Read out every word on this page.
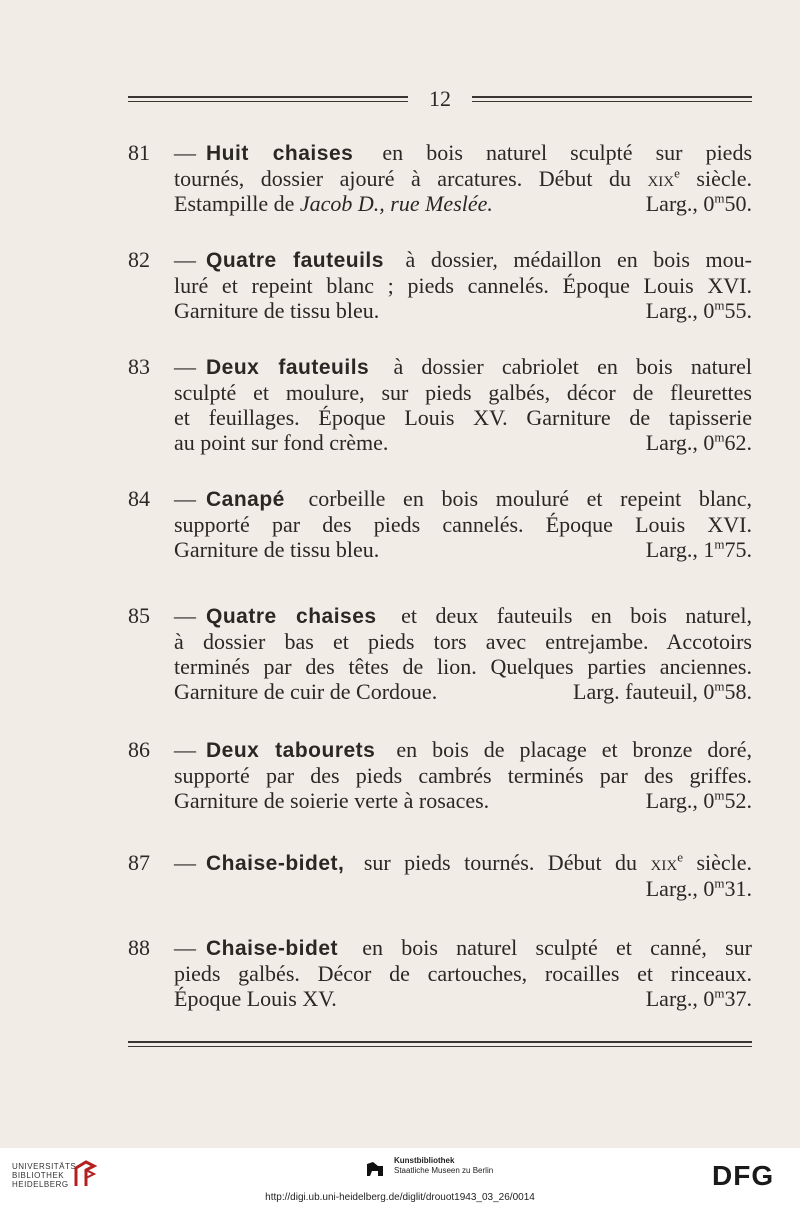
12
81	— Huit chaises en bois naturel sculpté sur pieds
tournés, dossier ajouré à arcatures. Début du xix$^e$ siècle.
Estampille de Jacob D., rue Meslée.	Larg., 0$^m$50.
82	— Quatre fauteuils à dossier, médaillon en bois mou-
luré et repeint blanc ; pieds cannelés. Époque Louis XVI.
Garniture de tissu bleu.	Larg., 0$^m$55.
83	— Deux fauteuils à dossier cabriolet en bois naturel
sculpté et moulure, sur pieds galbés, décor de fleurettes
et feuillages. Époque Louis XV. Garniture de tapisserie
au point sur fond crème.	Larg., 0$^m$62.
84	— Canapé corbeille en bois mouluré et repeint blanc,
supporté par des pieds cannelés. Époque Louis XVI.
Garniture de tissu bleu.	Larg., 1$^m$75.
85	— Quatre chaises et deux fauteuils en bois naturel,
à dossier bas et pieds tors avec entrejambe. Accotoirs
terminés par des têtes de lion. Quelques parties anciennes.
Garniture de cuir de Cordoue.	Larg. fauteuil, 0$^m$58.
86	— Deux tabourets en bois de placage et bronze doré,
supporté par des pieds cambrés terminés par des griffes.
Garniture de soierie verte à rosaces.	Larg., 0$^m$52.
87	— Chaise-bidet, sur pieds tournés. Début du xix$^e$ siècle.
Larg., 0$^m$31.
88	— Chaise-bidet en bois naturel sculpté et canné, sur
pieds galbés. Décor de cartouches, rocailles et rinceaux.
Époque Louis XV.	Larg., 0$^m$37.
UNIVERSITÄTS-
BIBLIOTHEK
HEIDELBERG
Kunstbibliothek
Staatliche Museen zu Berlin	DFG
http://digi.ub.uni-heidelberg.de/diglit/drouot1943_03_26/0014
